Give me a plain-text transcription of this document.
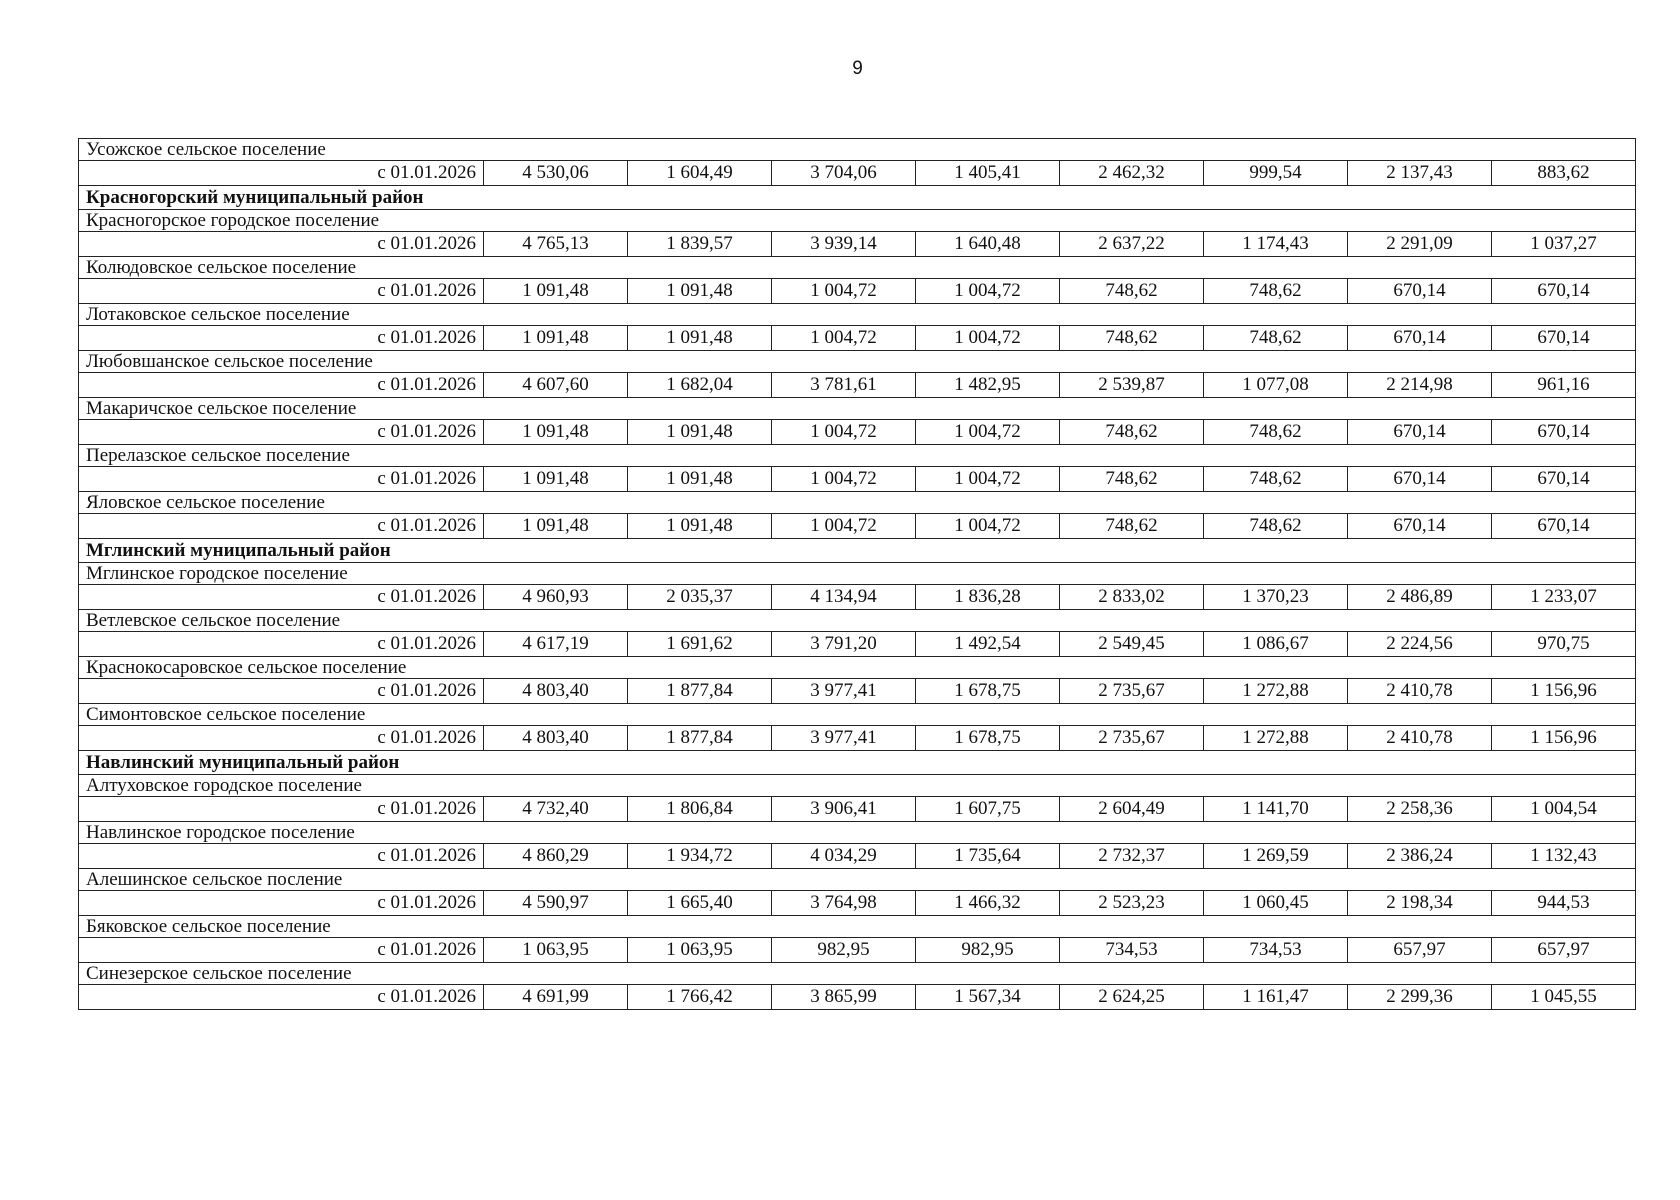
9
Усожское сельское поселение								
с 01.01.2026	4 530,06	1 604,49	3 704,06	1 405,41	2 462,32	999,54	2 137,43	883,62
Красногорский муниципальный район								
Красногорское городское поселение								
с 01.01.2026	4 765,13	1 839,57	3 939,14	1 640,48	2 637,22	1 174,43	2 291,09	1 037,27
Колюдовское сельское поселение								
с 01.01.2026	1 091,48	1 091,48	1 004,72	1 004,72	748,62	748,62	670,14	670,14
Лотаковское сельское поселение								
с 01.01.2026	1 091,48	1 091,48	1 004,72	1 004,72	748,62	748,62	670,14	670,14
Любовшанское сельское поселение								
с 01.01.2026	4 607,60	1 682,04	3 781,61	1 482,95	2 539,87	1 077,08	2 214,98	961,16
Макаричское сельское поселение								
с 01.01.2026	1 091,48	1 091,48	1 004,72	1 004,72	748,62	748,62	670,14	670,14
Перелазское сельское поселение								
с 01.01.2026	1 091,48	1 091,48	1 004,72	1 004,72	748,62	748,62	670,14	670,14
Яловское сельское поселение								
с 01.01.2026	1 091,48	1 091,48	1 004,72	1 004,72	748,62	748,62	670,14	670,14
Мглинский муниципальный район								
Мглинское городское поселение								
с 01.01.2026	4 960,93	2 035,37	4 134,94	1 836,28	2 833,02	1 370,23	2 486,89	1 233,07
Ветлевское сельское поселение								
с 01.01.2026	4 617,19	1 691,62	3 791,20	1 492,54	2 549,45	1 086,67	2 224,56	970,75
Краснокосаровское сельское поселение								
с 01.01.2026	4 803,40	1 877,84	3 977,41	1 678,75	2 735,67	1 272,88	2 410,78	1 156,96
Симонтовское сельское поселение								
с 01.01.2026	4 803,40	1 877,84	3 977,41	1 678,75	2 735,67	1 272,88	2 410,78	1 156,96
Навлинский муниципальный район								
Алтуховское городское поселение								
с 01.01.2026	4 732,40	1 806,84	3 906,41	1 607,75	2 604,49	1 141,70	2 258,36	1 004,54
Навлинское городское поселение								
с 01.01.2026	4 860,29	1 934,72	4 034,29	1 735,64	2 732,37	1 269,59	2 386,24	1 132,43
Алешинское сельское посление								
с 01.01.2026	4 590,97	1 665,40	3 764,98	1 466,32	2 523,23	1 060,45	2 198,34	944,53
Бяковское сельское поселение								
с 01.01.2026	1 063,95	1 063,95	982,95	982,95	734,53	734,53	657,97	657,97
Синезерское сельское поселение								
с 01.01.2026	4 691,99	1 766,42	3 865,99	1 567,34	2 624,25	1 161,47	2 299,36	1 045,55
